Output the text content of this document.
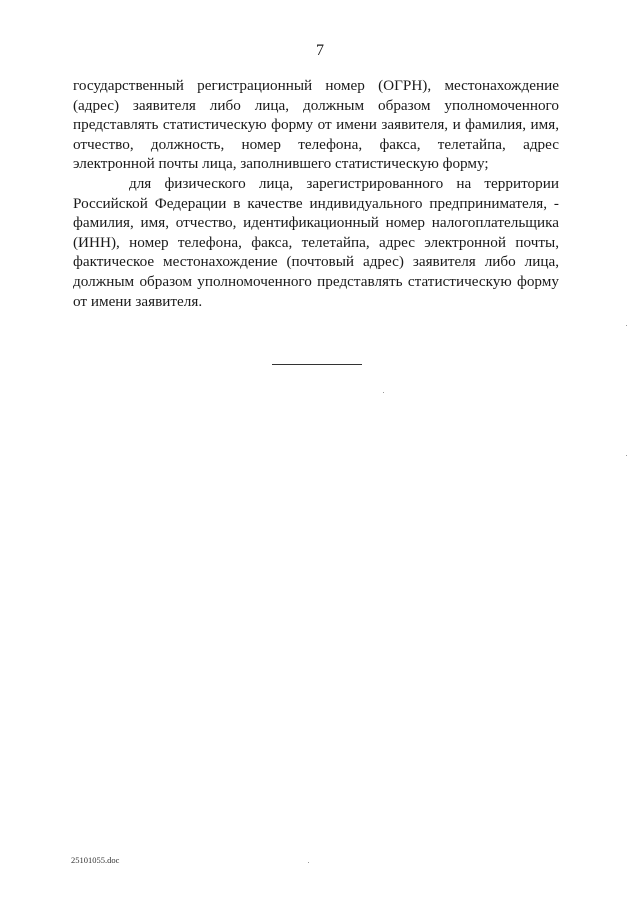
7

государственный регистрационный номер (ОГРН), местонахождение (адрес) заявителя либо лица, должным образом уполномоченного представлять статистическую форму от имени заявителя, и фамилия, имя, отчество, должность, номер телефона, факса, телетайпа, адрес электронной почты лица, заполнившего статистическую форму;

для физического лица, зарегистрированного на территории Российской Федерации в качестве индивидуального предпринимателя, - фамилия, имя, отчество, идентификационный номер налогоплательщика (ИНН), номер телефона, факса, телетайпа, адрес электронной почты, фактическое местонахождение (почтовый адрес) заявителя либо лица, должным образом уполномоченного представлять статистическую форму от имени заявителя.

25101055.doc
